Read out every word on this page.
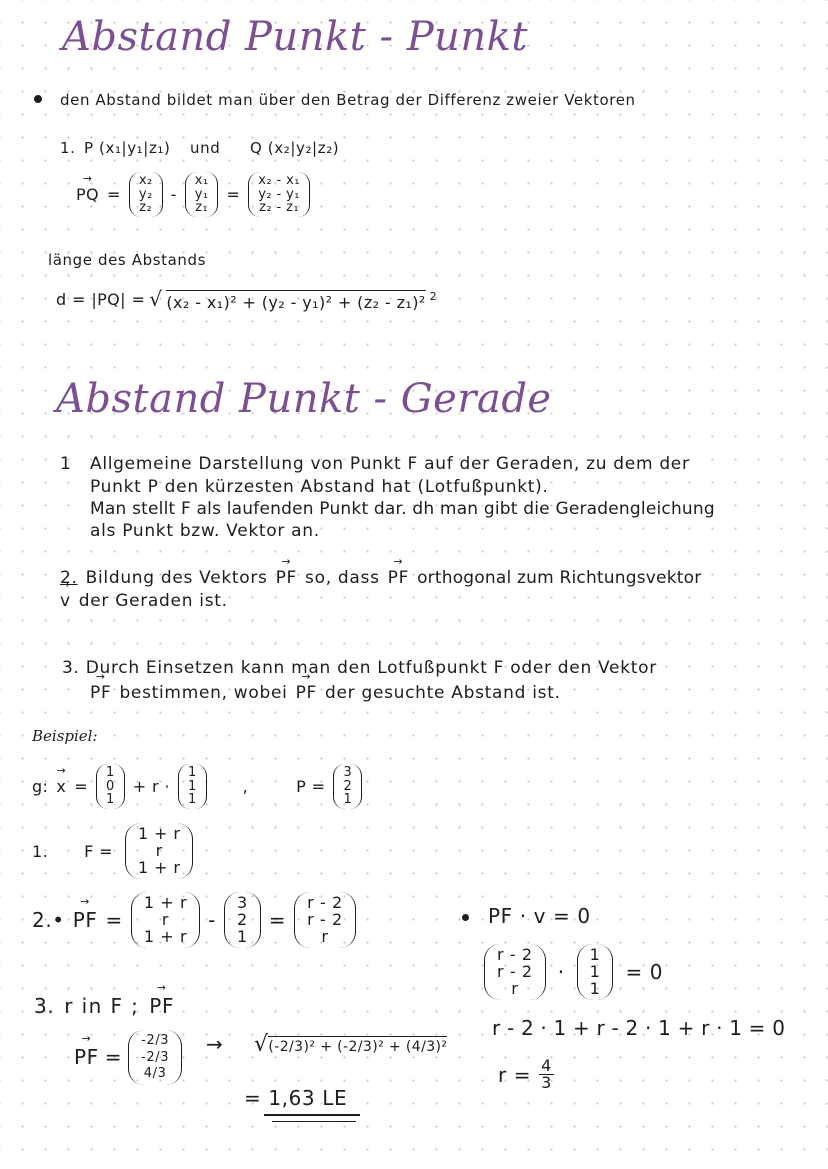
Abstand Punkt - Punkt
den Abstand bildet man über den Betrag der Differenz zweier Vektoren
1. P (x₁|y₁|z₁) und Q (x₂|y₂|z₂)
→ PQ =
x₂
y₂
z₂
-
x₁
y₁
z₁
=
x₂ - x₁
y₂ - y₁
z₂ - z₁
länge des Abstands
d = |PQ| = √ (x₂ - x₁)² + (y₂ - y₁)² + (z₂ - z₁)² $^2$
Abstand Punkt - Gerade
1 Allgemeine Darstellung von Punkt F auf der Geraden, zu dem der
Punkt P den kürzesten Abstand hat (Lotfußpunkt).
Man stellt F als laufenden Punkt dar. dh man gibt die Geradengleichung
als Punkt bzw. Vektor an.
2. Bildung des Vektors → PF so, dass → PF orthogonal zum Richtungsvektor
→ v der Geraden ist.
3. Durch Einsetzen kann man den Lotfußpunkt F oder den Vektor
→ PF bestimmen, wobei → PF der gesuchte Abstand ist.
Beispiel:
g: → x =
1
0
1
+ r ·
1
1
1
,	P =
3
2
1
1. F =
1 + r
r
1 + r
2.• → PF =
1 + r
r
1 + r
-
3
2
1
=
r - 2
r - 2
r
PF · v = 0
r - 2
r - 2
r
·
1
1
1
= 0
r - 2 · 1 + r - 2 · 1 + r · 1 = 0
$r = \frac{4}{3}$
3. r in F ; → PF
→ PF =
-2/3
-2/3
4/3
→ √ (-2/3)² + (-2/3)² + (4/3)²
= 1,63 LE
